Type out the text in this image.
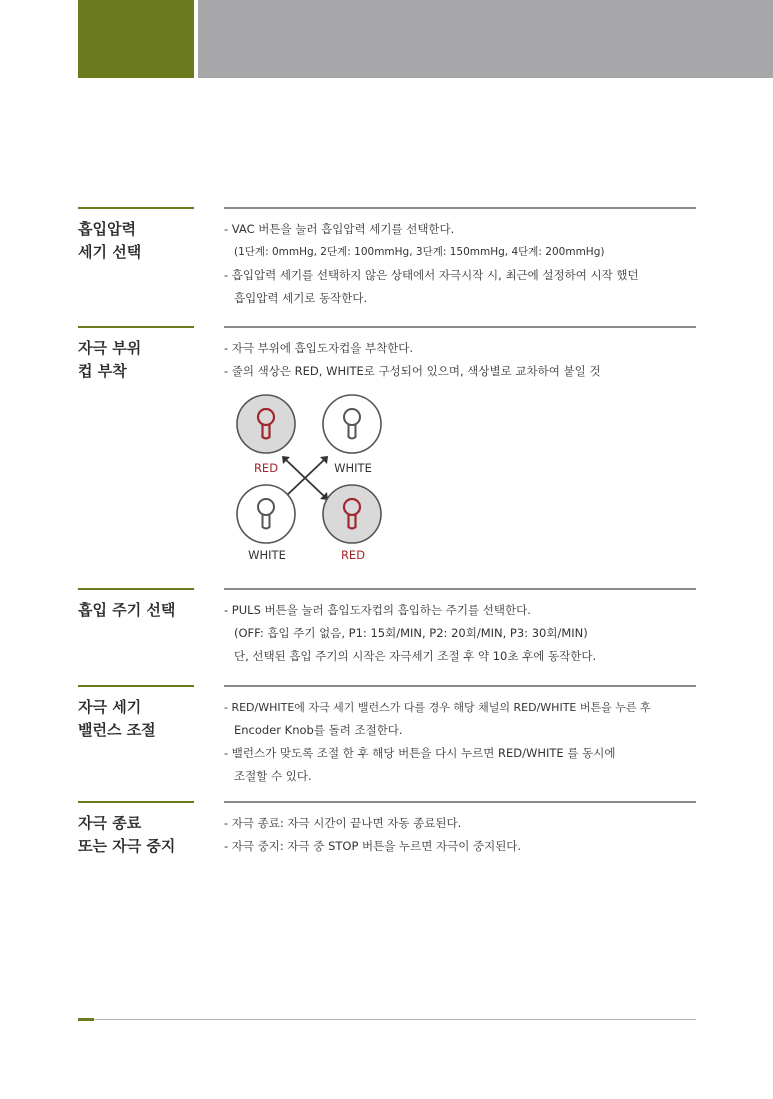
흡입압력
세기 선택
- VAC 버튼을 눌러 흡입압력 세기를 선택한다.
(1단계: 0mmHg, 2단계: 100mmHg, 3단계: 150mmHg, 4단계: 200mmHg)
- 흡입압력 세기를 선택하지 않은 상태에서 자극시작 시, 최근에 설정하여 시작 했던
흡입압력 세기로 동작한다.
자극 부위
컵 부착
- 자극 부위에 흡입도자컵을 부착한다.
- 줄의 색상은 RED, WHITE로 구성되어 있으며, 색상별로 교차하여 붙일 것
RED	WHITE
WHITE	RED
흡입 주기 선택	- PULS 버튼을 눌러 흡입도자컵의 흡입하는 주기를 선택한다.
(OFF: 흡입 주기 없음, P1: 15회/MIN, P2: 20회/MIN, P3: 30회/MIN)
단, 선택된 흡입 주기의 시작은 자극세기 조절 후 약 10초 후에 동작한다.
자극 세기
밸런스 조절
- RED/WHITE에 자극 세기 밸런스가 다를 경우 해당 채널의 RED/WHITE 버튼을 누른 후
Encoder Knob를 돌려 조절한다.
- 밸런스가 맞도록 조절 한 후 해당 버튼을 다시 누르면 RED/WHITE 를 동시에
조절할 수 있다.
자극 종료
또는 자극 중지
- 자극 종료: 자극 시간이 끝나면 자동 종료된다.
- 자극 중지: 자극 중 STOP 버튼을 누르면 자극이 중지된다.
